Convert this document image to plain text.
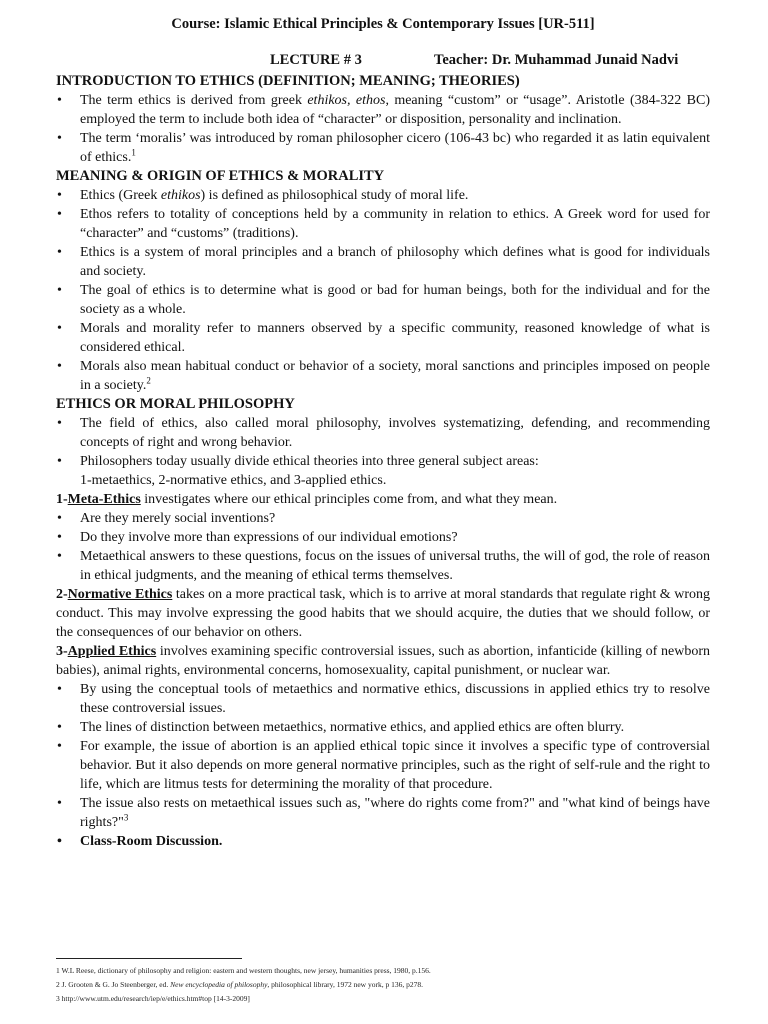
Course: Islamic Ethical Principles & Contemporary Issues [UR-511]

LECTURE # 3	Teacher: Dr. Muhammad Junaid Nadvi
INTRODUCTION TO ETHICS (DEFINITION; MEANING; THEORIES)
• The term ethics is derived from greek ethikos, ethos, meaning “custom” or “usage”. Aristotle (384-322 BC) employed the term to include both idea of “character” or disposition, personality and inclination.
• The term ‘moralis’ was introduced by roman philosopher cicero (106-43 bc) who regarded it as latin equivalent of ethics.$^1$
MEANING & ORIGIN OF ETHICS & MORALITY
• Ethics (Greek ethikos) is defined as philosophical study of moral life.
• Ethos refers to totality of conceptions held by a community in relation to ethics. A Greek word for used for “character” and “customs” (traditions).
• Ethics is a system of moral principles and a branch of philosophy which defines what is good for individuals and society.
• The goal of ethics is to determine what is good or bad for human beings, both for the individual and for the society as a whole.
• Morals and morality refer to manners observed by a specific community, reasoned knowledge of what is considered ethical.
• Morals also mean habitual conduct or behavior of a society, moral sanctions and principles imposed on people in a society.$^2$
ETHICS OR MORAL PHILOSOPHY
• The field of ethics, also called moral philosophy, involves systematizing, defending, and recommending concepts of right and wrong behavior.
• Philosophers today usually divide ethical theories into three general subject areas:
1-metaethics, 2-normative ethics, and 3-applied ethics.

1-Meta-Ethics investigates where our ethical principles come from, and what they mean.

• Are they merely social inventions?
• Do they involve more than expressions of our individual emotions?
• Metaethical answers to these questions, focus on the issues of universal truths, the will of god, the role of reason in ethical judgments, and the meaning of ethical terms themselves.

2-Normative Ethics takes on a more practical task, which is to arrive at moral standards that regulate right & wrong conduct. This may involve expressing the good habits that we should acquire, the duties that we should follow, or the consequences of our behavior on others.

3-Applied Ethics involves examining specific controversial issues, such as abortion, infanticide (killing of newborn babies), animal rights, environmental concerns, homosexuality, capital punishment, or nuclear war.

• By using the conceptual tools of metaethics and normative ethics, discussions in applied ethics try to resolve these controversial issues.
• The lines of distinction between metaethics, normative ethics, and applied ethics are often blurry.
• For example, the issue of abortion is an applied ethical topic since it involves a specific type of controversial behavior. But it also depends on more general normative principles, such as the right of self-rule and the right to life, which are litmus tests for determining the morality of that procedure.
• The issue also rests on metaethical issues such as, "where do rights come from?" and "what kind of beings have rights?"$^3$
• Class-Room Discussion.
1 W.L Reese, dictionary of philosophy and religion: eastern and western thoughts, new jersey, humanities press, 1980, p.156.
2 J. Grooten & G. Jo Steenberger, ed. New encyclopedia of philosophy, philosophical library, 1972 new york, p 136, p278.
3 http://www.utm.edu/research/iep/e/ethics.htm#top [14-3-2009]
